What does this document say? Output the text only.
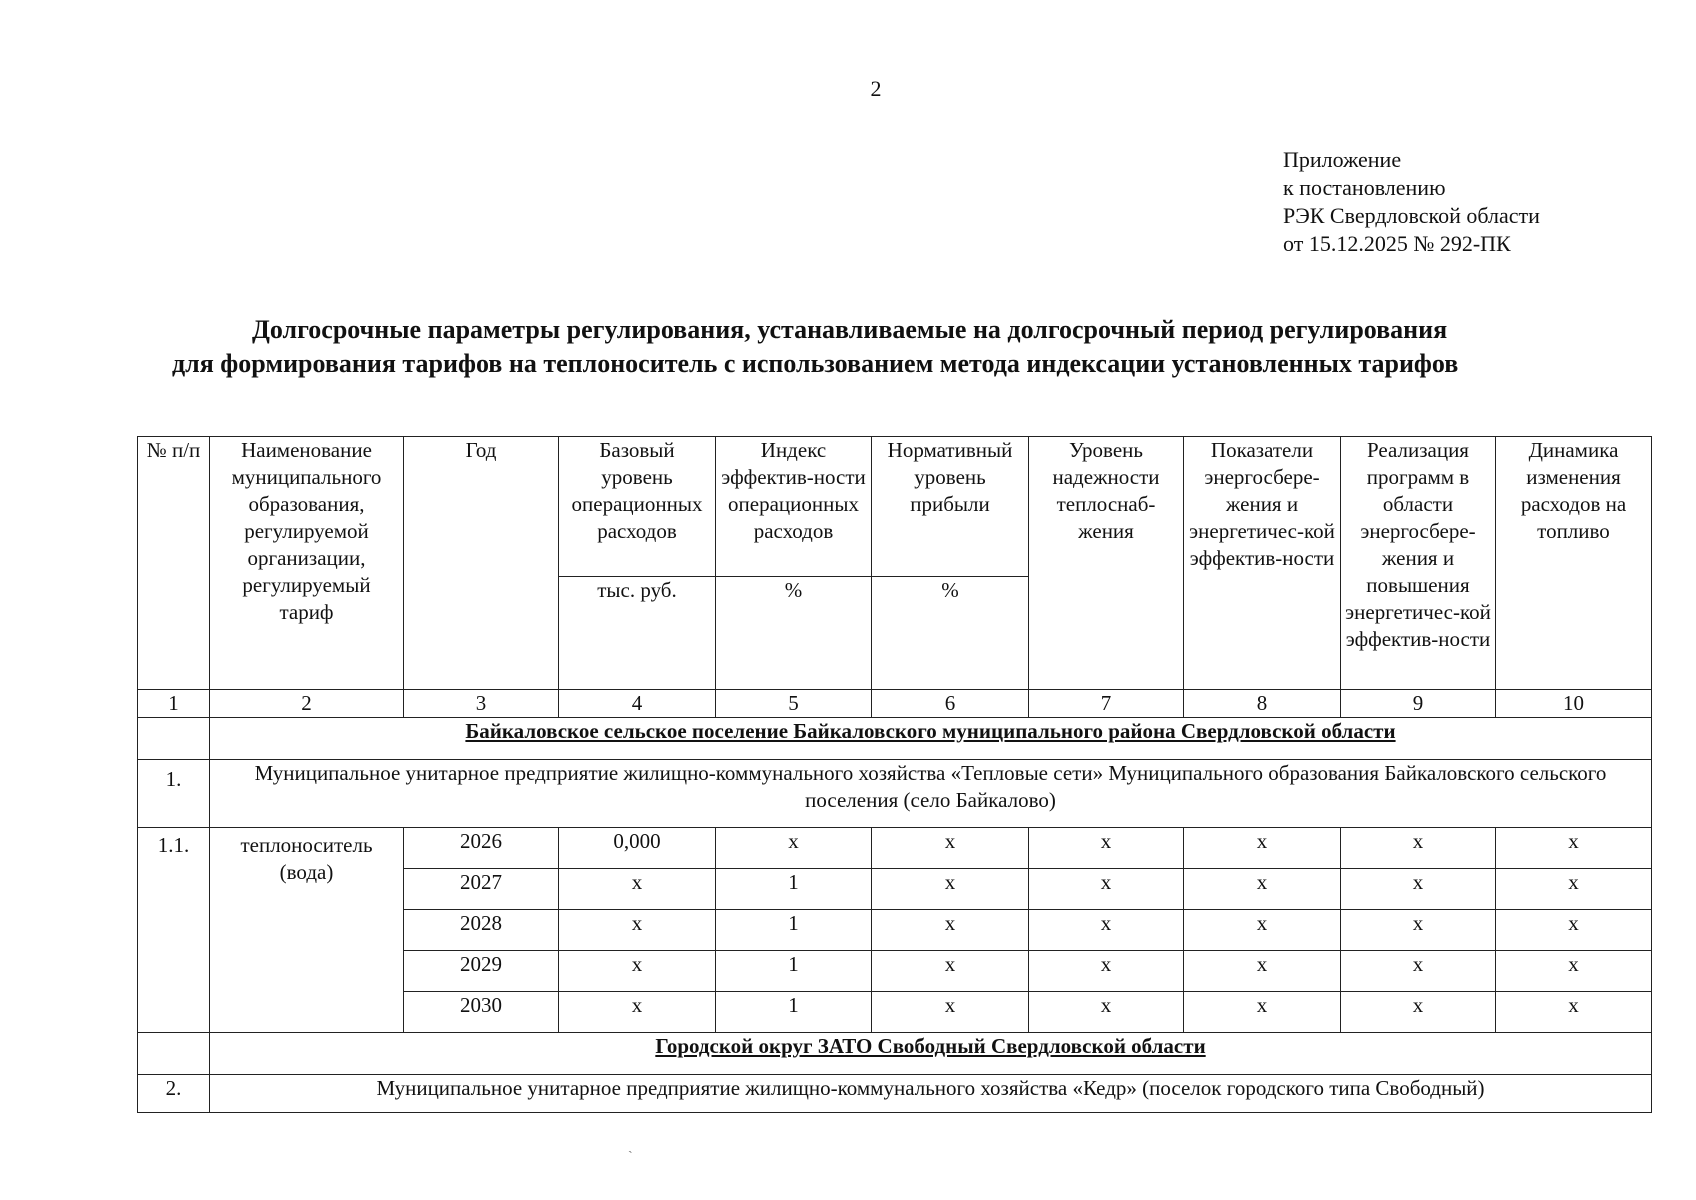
2
Приложение
к постановлению
РЭК Свердловской области
от 15.12.2025 № 292-ПК
Долгосрочные параметры регулирования, устанавливаемые на долгосрочный период регулирования
для формирования тарифов на теплоноситель с использованием метода индексации установленных тарифов
№ п/п	Наименование муниципального образования, регулируемой организации, регулируемый тариф	Год	Базовый уровень операционных расходов	Индекс эффектив-ности операционных расходов	Нормативный уровень прибыли	Уровень надежности теплоснаб-жения	Показатели энергосбере-жения и энергетичес-кой эффектив-ности	Реализация программ в области энергосбере-жения и повышения энергетичес-кой эффектив-ности	Динамика изменения расходов на топливо
			тыс. руб.	%	%				
1	2	3	4	5	6	7	8	9	10
	Байкаловское сельское поселение Байкаловского муниципального района Свердловской области								
1.	Муниципальное унитарное предприятие жилищно-коммунального хозяйства «Тепловые сети» Муниципального образования Байкаловского сельского поселения (село Байкалово)								
1.1.	теплоноситель (вода)	2026	0,000	х	х	х	х	х	х
		2027	х	1	х	х	х	х	х
		2028	х	1	х	х	х	х	х
		2029	х	1	х	х	х	х	х
		2030	х	1	х	х	х	х	х
	Городской округ ЗАТО Свободный Свердловской области								
2.	Муниципальное унитарное предприятие жилищно-коммунального хозяйства «Кедр» (поселок городского типа Свободный)								
ˎ
